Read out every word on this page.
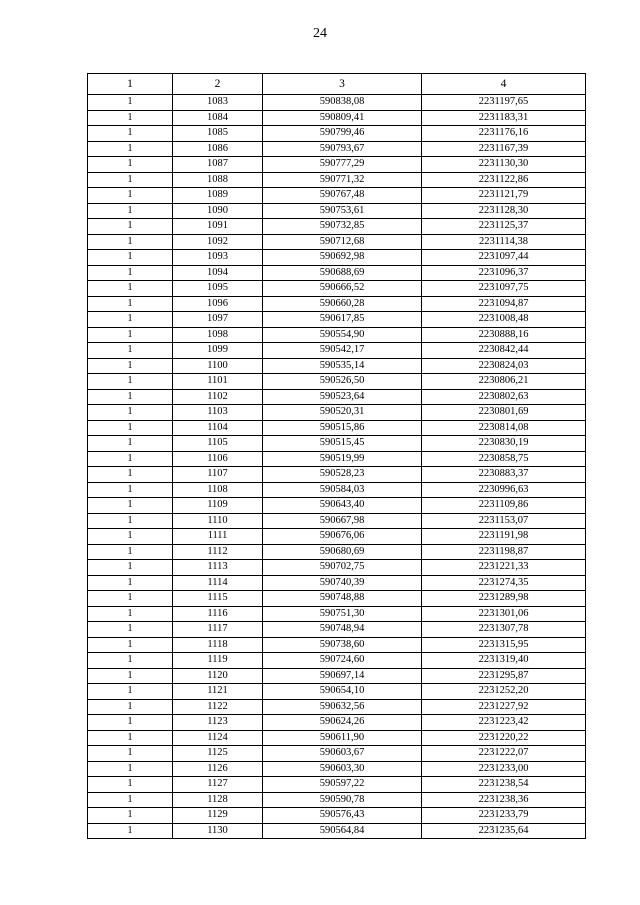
24
1	2	3	4
1	1083	590838,08	2231197,65
1	1084	590809,41	2231183,31
1	1085	590799,46	2231176,16
1	1086	590793,67	2231167,39
1	1087	590777,29	2231130,30
1	1088	590771,32	2231122,86
1	1089	590767,48	2231121,79
1	1090	590753,61	2231128,30
1	1091	590732,85	2231125,37
1	1092	590712,68	2231114,38
1	1093	590692,98	2231097,44
1	1094	590688,69	2231096,37
1	1095	590666,52	2231097,75
1	1096	590660,28	2231094,87
1	1097	590617,85	2231008,48
1	1098	590554,90	2230888,16
1	1099	590542,17	2230842,44
1	1100	590535,14	2230824,03
1	1101	590526,50	2230806,21
1	1102	590523,64	2230802,63
1	1103	590520,31	2230801,69
1	1104	590515,86	2230814,08
1	1105	590515,45	2230830,19
1	1106	590519,99	2230858,75
1	1107	590528,23	2230883,37
1	1108	590584,03	2230996,63
1	1109	590643,40	2231109,86
1	1110	590667,98	2231153,07
1	1111	590676,06	2231191,98
1	1112	590680,69	2231198,87
1	1113	590702,75	2231221,33
1	1114	590740,39	2231274,35
1	1115	590748,88	2231289,98
1	1116	590751,30	2231301,06
1	1117	590748,94	2231307,78
1	1118	590738,60	2231315,95
1	1119	590724,60	2231319,40
1	1120	590697,14	2231295,87
1	1121	590654,10	2231252,20
1	1122	590632,56	2231227,92
1	1123	590624,26	2231223,42
1	1124	590611,90	2231220,22
1	1125	590603,67	2231222,07
1	1126	590603,30	2231233,00
1	1127	590597,22	2231238,54
1	1128	590590,78	2231238,36
1	1129	590576,43	2231233,79
1	1130	590564,84	2231235,64
